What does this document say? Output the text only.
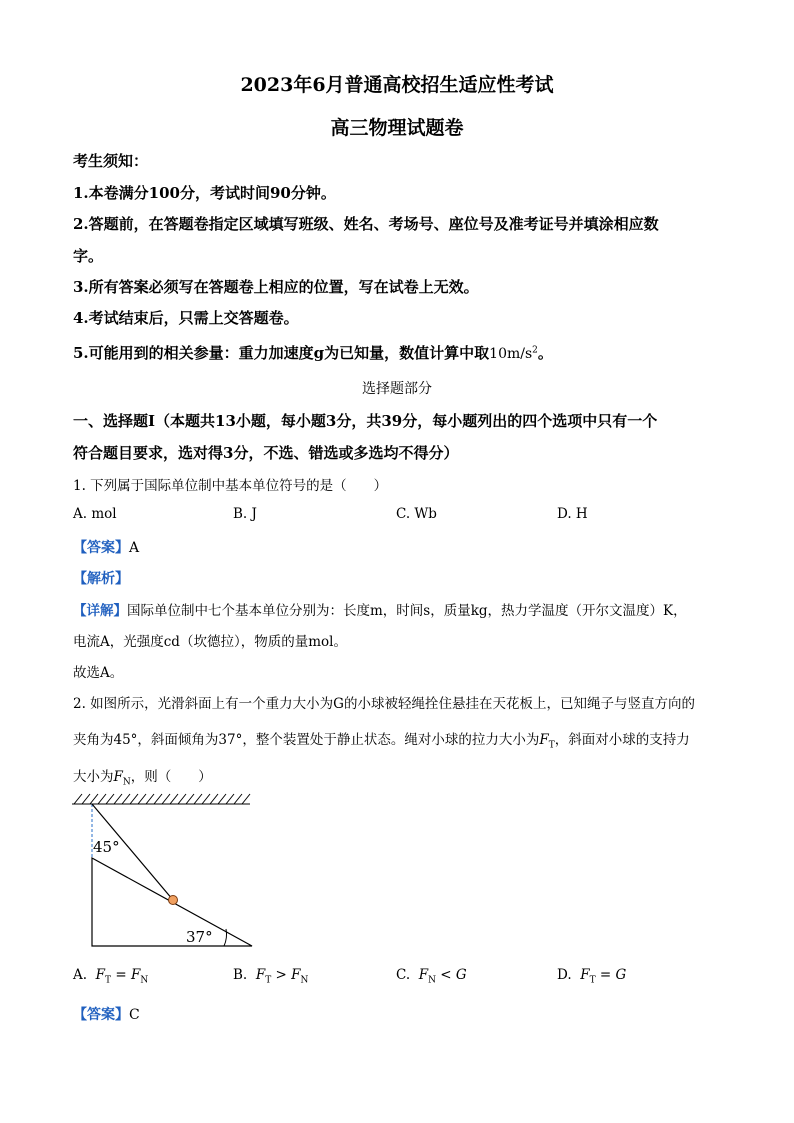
2023年6月普通高校招生适应性考试
高三物理试题卷
考生须知：
1.本卷满分100分，考试时间90分钟。
2.答题前，在答题卷指定区域填写班级、姓名、考场号、座位号及准考证号并填涂相应数
字。
3.所有答案必须写在答题卷上相应的位置，写在试卷上无效。
4.考试结束后，只需上交答题卷。
5.可能用到的相关参量：重力加速度g为已知量，数值计算中取$10m/s^2$。
选择题部分
一、选择题Ⅰ（本题共13小题，每小题3分，共39分，每小题列出的四个选项中只有一个
符合题目要求，选对得3分，不选、错选或多选均不得分）
1. 下列属于国际单位制中基本单位符号的是（　　）
A. mol	B. J	C. Wb	D. H
【答案】A
【解析】
【详解】国际单位制中七个基本单位分别为：长度m，时间s，质量kg，热力学温度（开尔文温度）K，
电流A，光强度cd（坎德拉），物质的量mol。
故选A。
2. 如图所示，光滑斜面上有一个重力大小为G的小球被轻绳拴住悬挂在天花板上，已知绳子与竖直方向的
夹角为45°，斜面倾角为37°，整个装置处于静止状态。绳对小球的拉力大小为$F_T$，斜面对小球的支持力
大小为$F_N$，则（　　）
45°
37°
A. $F_T = F_N$	B. $F_T > F_N$	C. $F_N < G$	D. $F_T = G$
【答案】C
